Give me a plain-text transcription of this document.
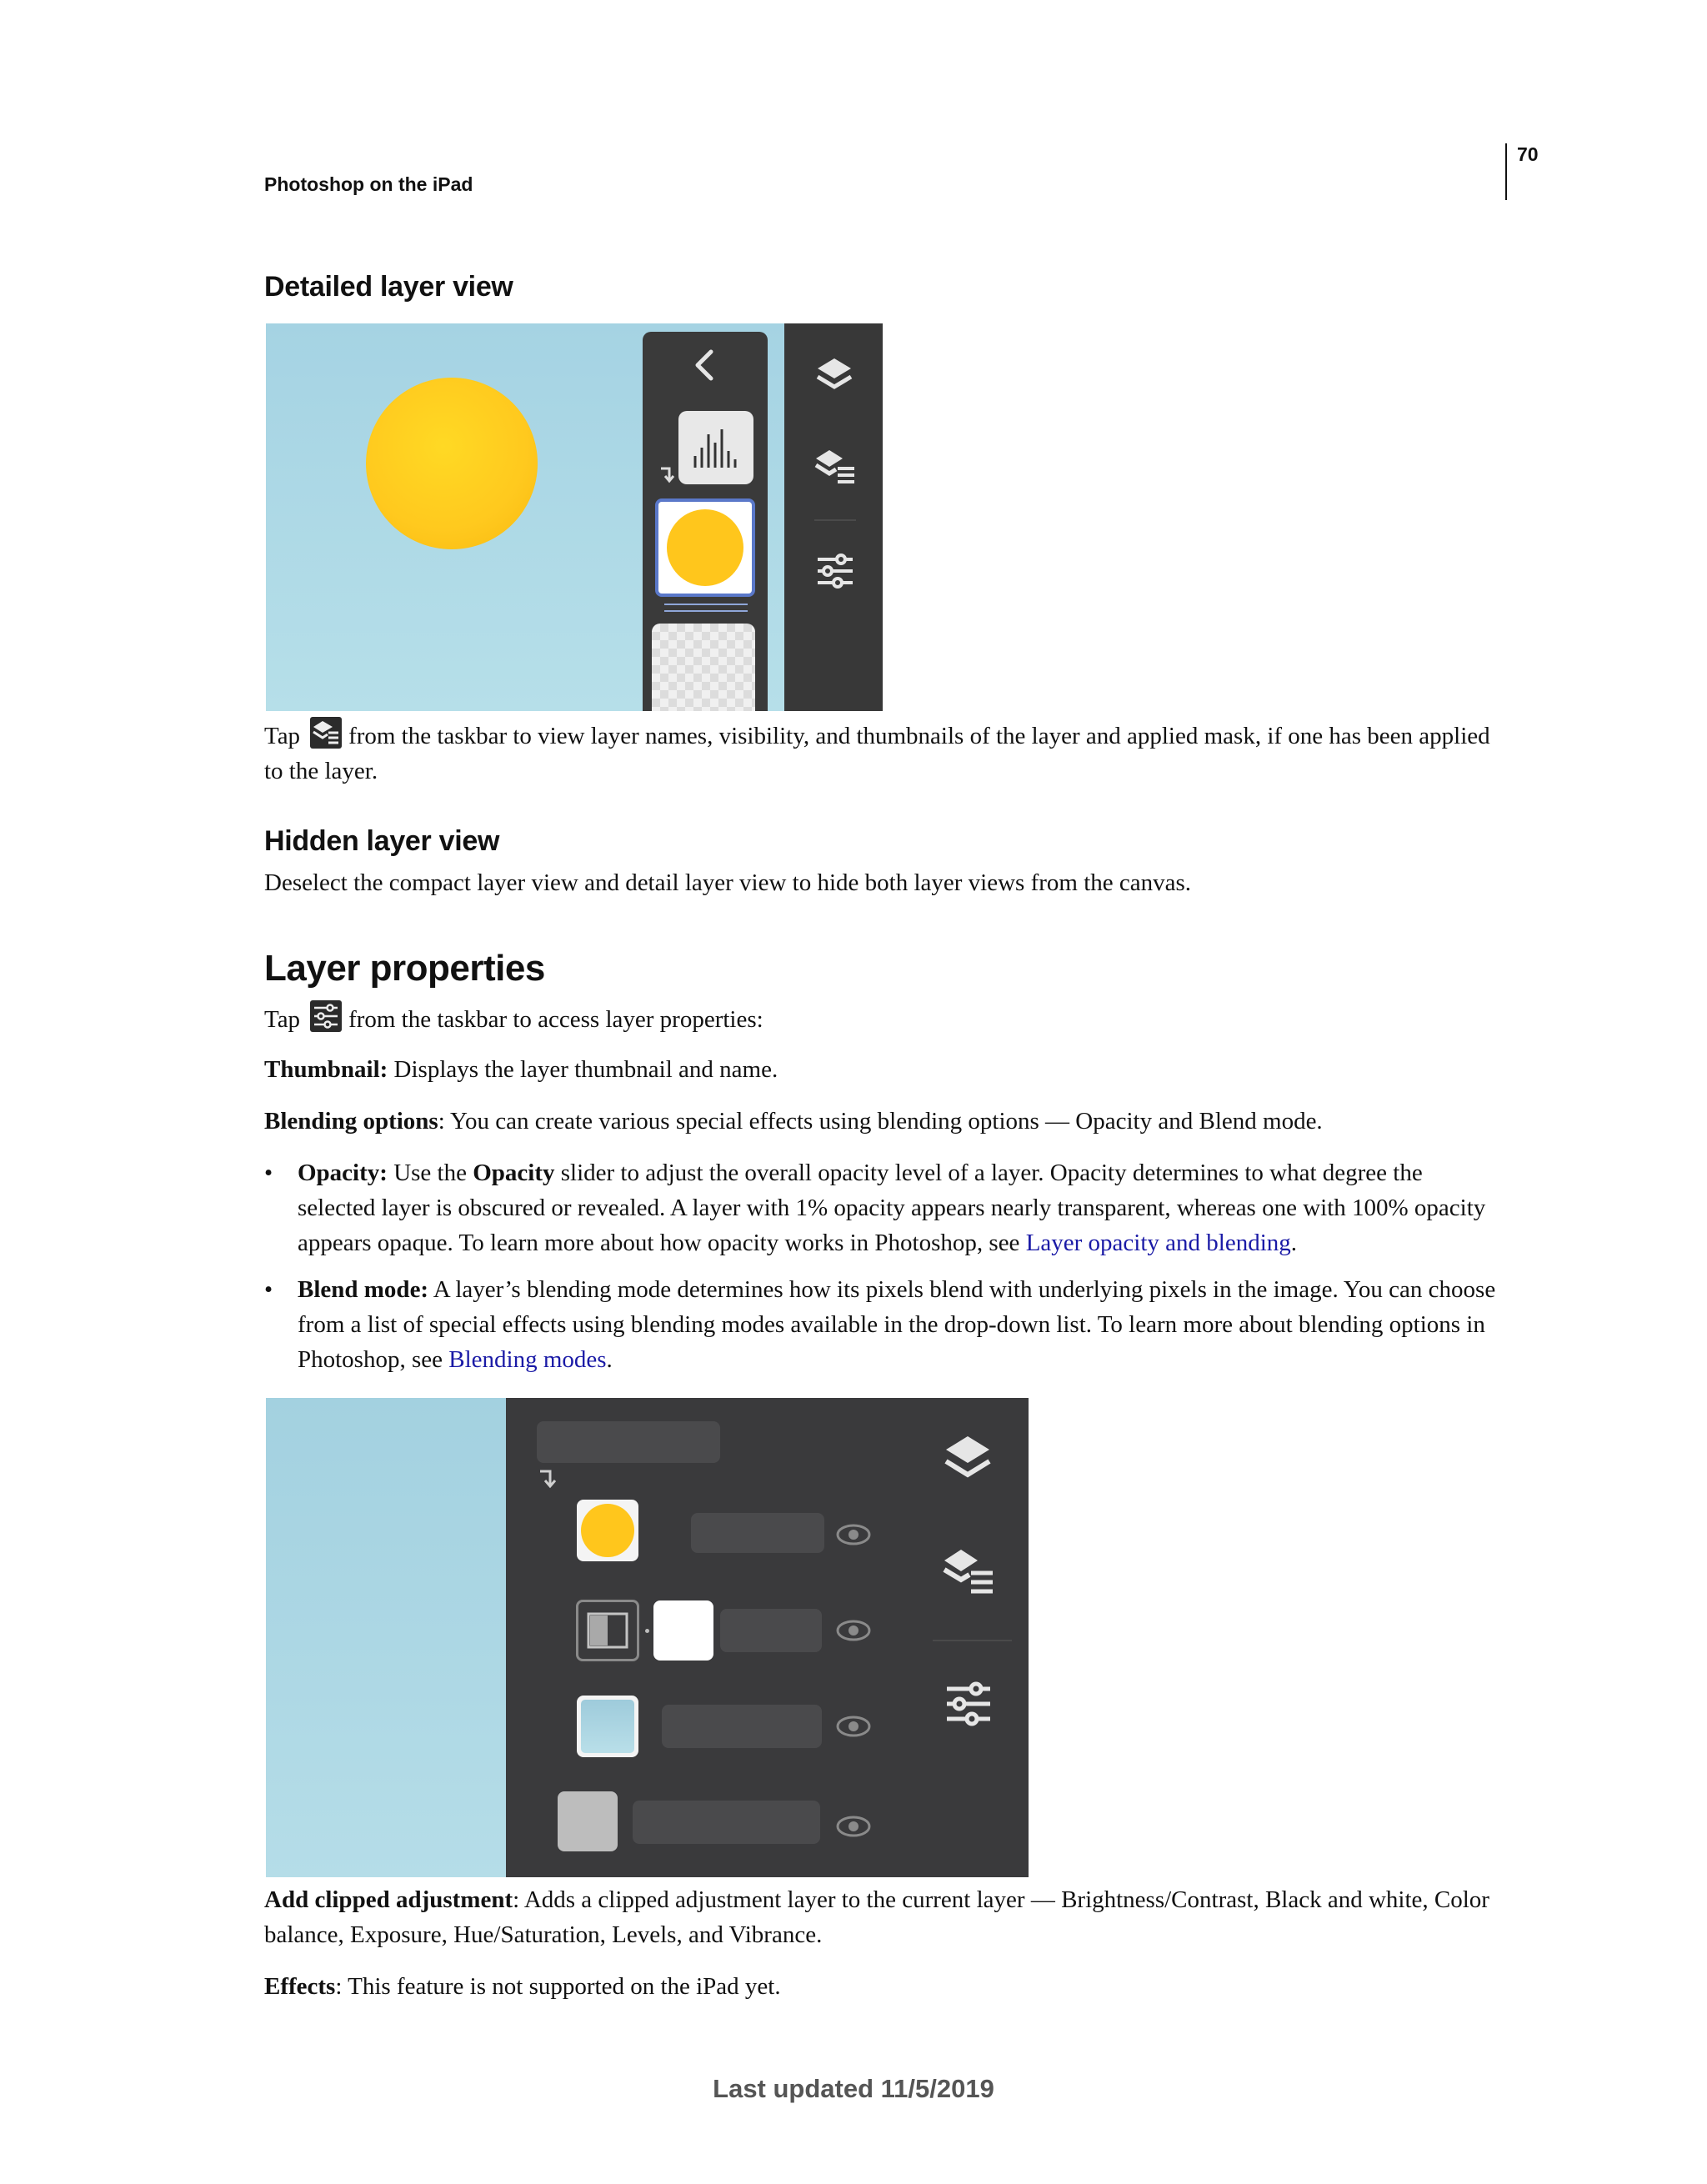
Photoshop on the iPad
70
Detailed layer view
Tap from the taskbar to view layer names, visibility, and thumbnails of the layer and applied mask, if one has been applied to the layer.
Hidden layer view
Deselect the compact layer view and detail layer view to hide both layer views from the canvas.
Layer properties
Tap from the taskbar to access layer properties:
Thumbnail: Displays the layer thumbnail and name.
Blending options: You can create various special effects using blending options — Opacity and Blend mode.
•	Opacity: Use the Opacity slider to adjust the overall opacity level of a layer. Opacity determines to what degree the selected layer is obscured or revealed. A layer with 1% opacity appears nearly transparent, whereas one with 100% opacity appears opaque. To learn more about how opacity works in Photoshop, see Layer opacity and blending.
•	Blend mode: A layer’s blending mode determines how its pixels blend with underlying pixels in the image. You can choose from a list of special effects using blending modes available in the drop-down list. To learn more about blending options in Photoshop, see Blending modes.
Add clipped adjustment: Adds a clipped adjustment layer to the current layer — Brightness/Contrast, Black and white, Color balance, Exposure, Hue/Saturation, Levels, and Vibrance.
Effects: This feature is not supported on the iPad yet.
Last updated 11/5/2019
